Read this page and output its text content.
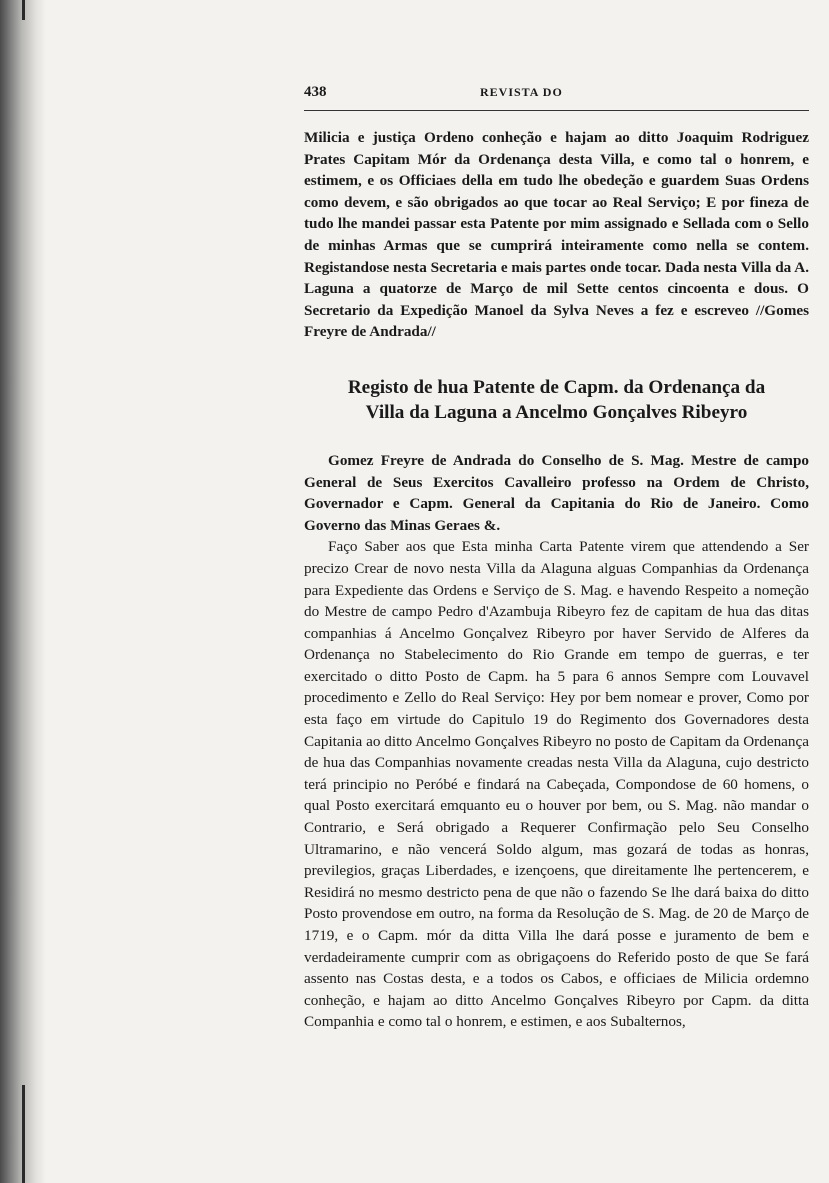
438	REVISTA DO

Milicia e justiça Ordeno conheção e hajam ao ditto Joaquim Rodriguez Prates Capitam Mór da Ordenança desta Villa, e como tal o honrem, e estimem, e os Officiaes della em tudo lhe obedeção e guardem Suas Ordens como devem, e são obrigados ao que tocar ao Real Serviço; E por fineza de tudo lhe mandei passar esta Patente por mim assignado e Sellada com o Sello de minhas Armas que se cumprirá inteiramente como nella se contem. Registandose nesta Secretaria e mais partes onde tocar. Dada nesta Villa da A. Laguna a quatorze de Março de mil Sette centos cincoenta e dous. O Secretario da Expedição Manoel da Sylva Neves a fez e escreveo //Gomes Freyre de Andrada//

Registo de hua Patente de Capm. da Ordenança da
Villa da Laguna a Ancelmo Gonçalves Ribeyro

Gomez Freyre de Andrada do Conselho de S. Mag. Mestre de campo General de Seus Exercitos Cavalleiro professo na Ordem de Christo, Governador e Capm. General da Capitania do Rio de Janeiro. Como Governo das Minas Geraes &.

Faço Saber aos que Esta minha Carta Patente virem que attendendo a Ser precizo Crear de novo nesta Villa da Alaguna alguas Companhias da Ordenança para Expediente das Ordens e Serviço de S. Mag. e havendo Respeito a nomeção do Mestre de campo Pedro d'Azambuja Ribeyro fez de capitam de hua das ditas companhias á Ancelmo Gonçalvez Ribeyro por haver Servido de Alferes da Ordenança no Stabelecimento do Rio Grande em tempo de guerras, e ter exercitado o ditto Posto de Capm. ha 5 para 6 annos Sempre com Louvavel procedimento e Zello do Real Serviço: Hey por bem nomear e prover, Como por esta faço em virtude do Capitulo 19 do Regimento dos Governadores desta Capitania ao ditto Ancelmo Gonçalves Ribeyro no posto de Capitam da Ordenança de hua das Companhias novamente creadas nesta Villa da Alaguna, cujo destricto terá principio no Peróbé e findará na Cabeçada, Compondose de 60 homens, o qual Posto exercitará emquanto eu o houver por bem, ou S. Mag. não mandar o Contrario, e Será obrigado a Requerer Confirmação pelo Seu Conselho Ultramarino, e não vencerá Soldo algum, mas gozará de todas as honras, previlegios, graças Liberdades, e izençoens, que direitamente lhe pertencerem, e Residirá no mesmo destricto pena de que não o fazendo Se lhe dará baixa do ditto Posto provendose em outro, na forma da Resolução de S. Mag. de 20 de Março de 1719, e o Capm. mór da ditta Villa lhe dará posse e juramento de bem e verdadeiramente cumprir com as obrigaçoens do Referido posto de que Se fará assento nas Costas desta, e a todos os Cabos, e officiaes de Milicia ordemno conheção, e hajam ao ditto Ancelmo Gonçalves Ribeyro por Capm. da ditta Companhia e como tal o honrem, e estimen, e aos Subalternos,
